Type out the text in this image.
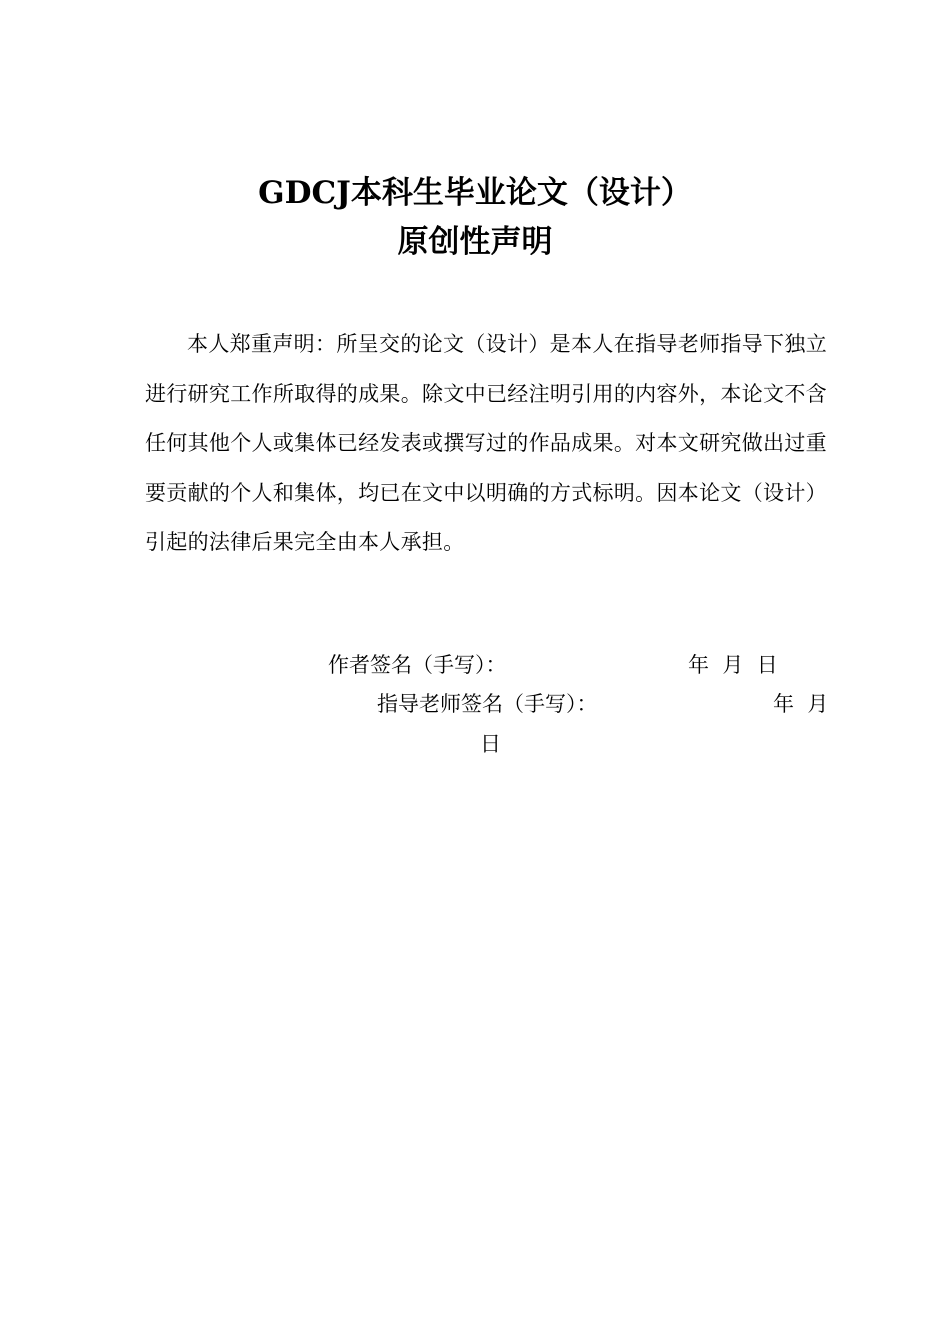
GDCJ本科生毕业论文（设计）
原创性声明

本人郑重声明：所呈交的论文（设计）是本人在指导老师指导下独立进行研究工作所取得的成果。除文中已经注明引用的内容外，本论文不含任何其他个人或集体已经发表或撰写过的作品成果。对本文研究做出过重要贡献的个人和集体，均已在文中以明确的方式标明。因本论文（设计）引起的法律后果完全由本人承担。

作者签名（手写）：	年  月  日
指导老师签名（手写）：	年  月
日
